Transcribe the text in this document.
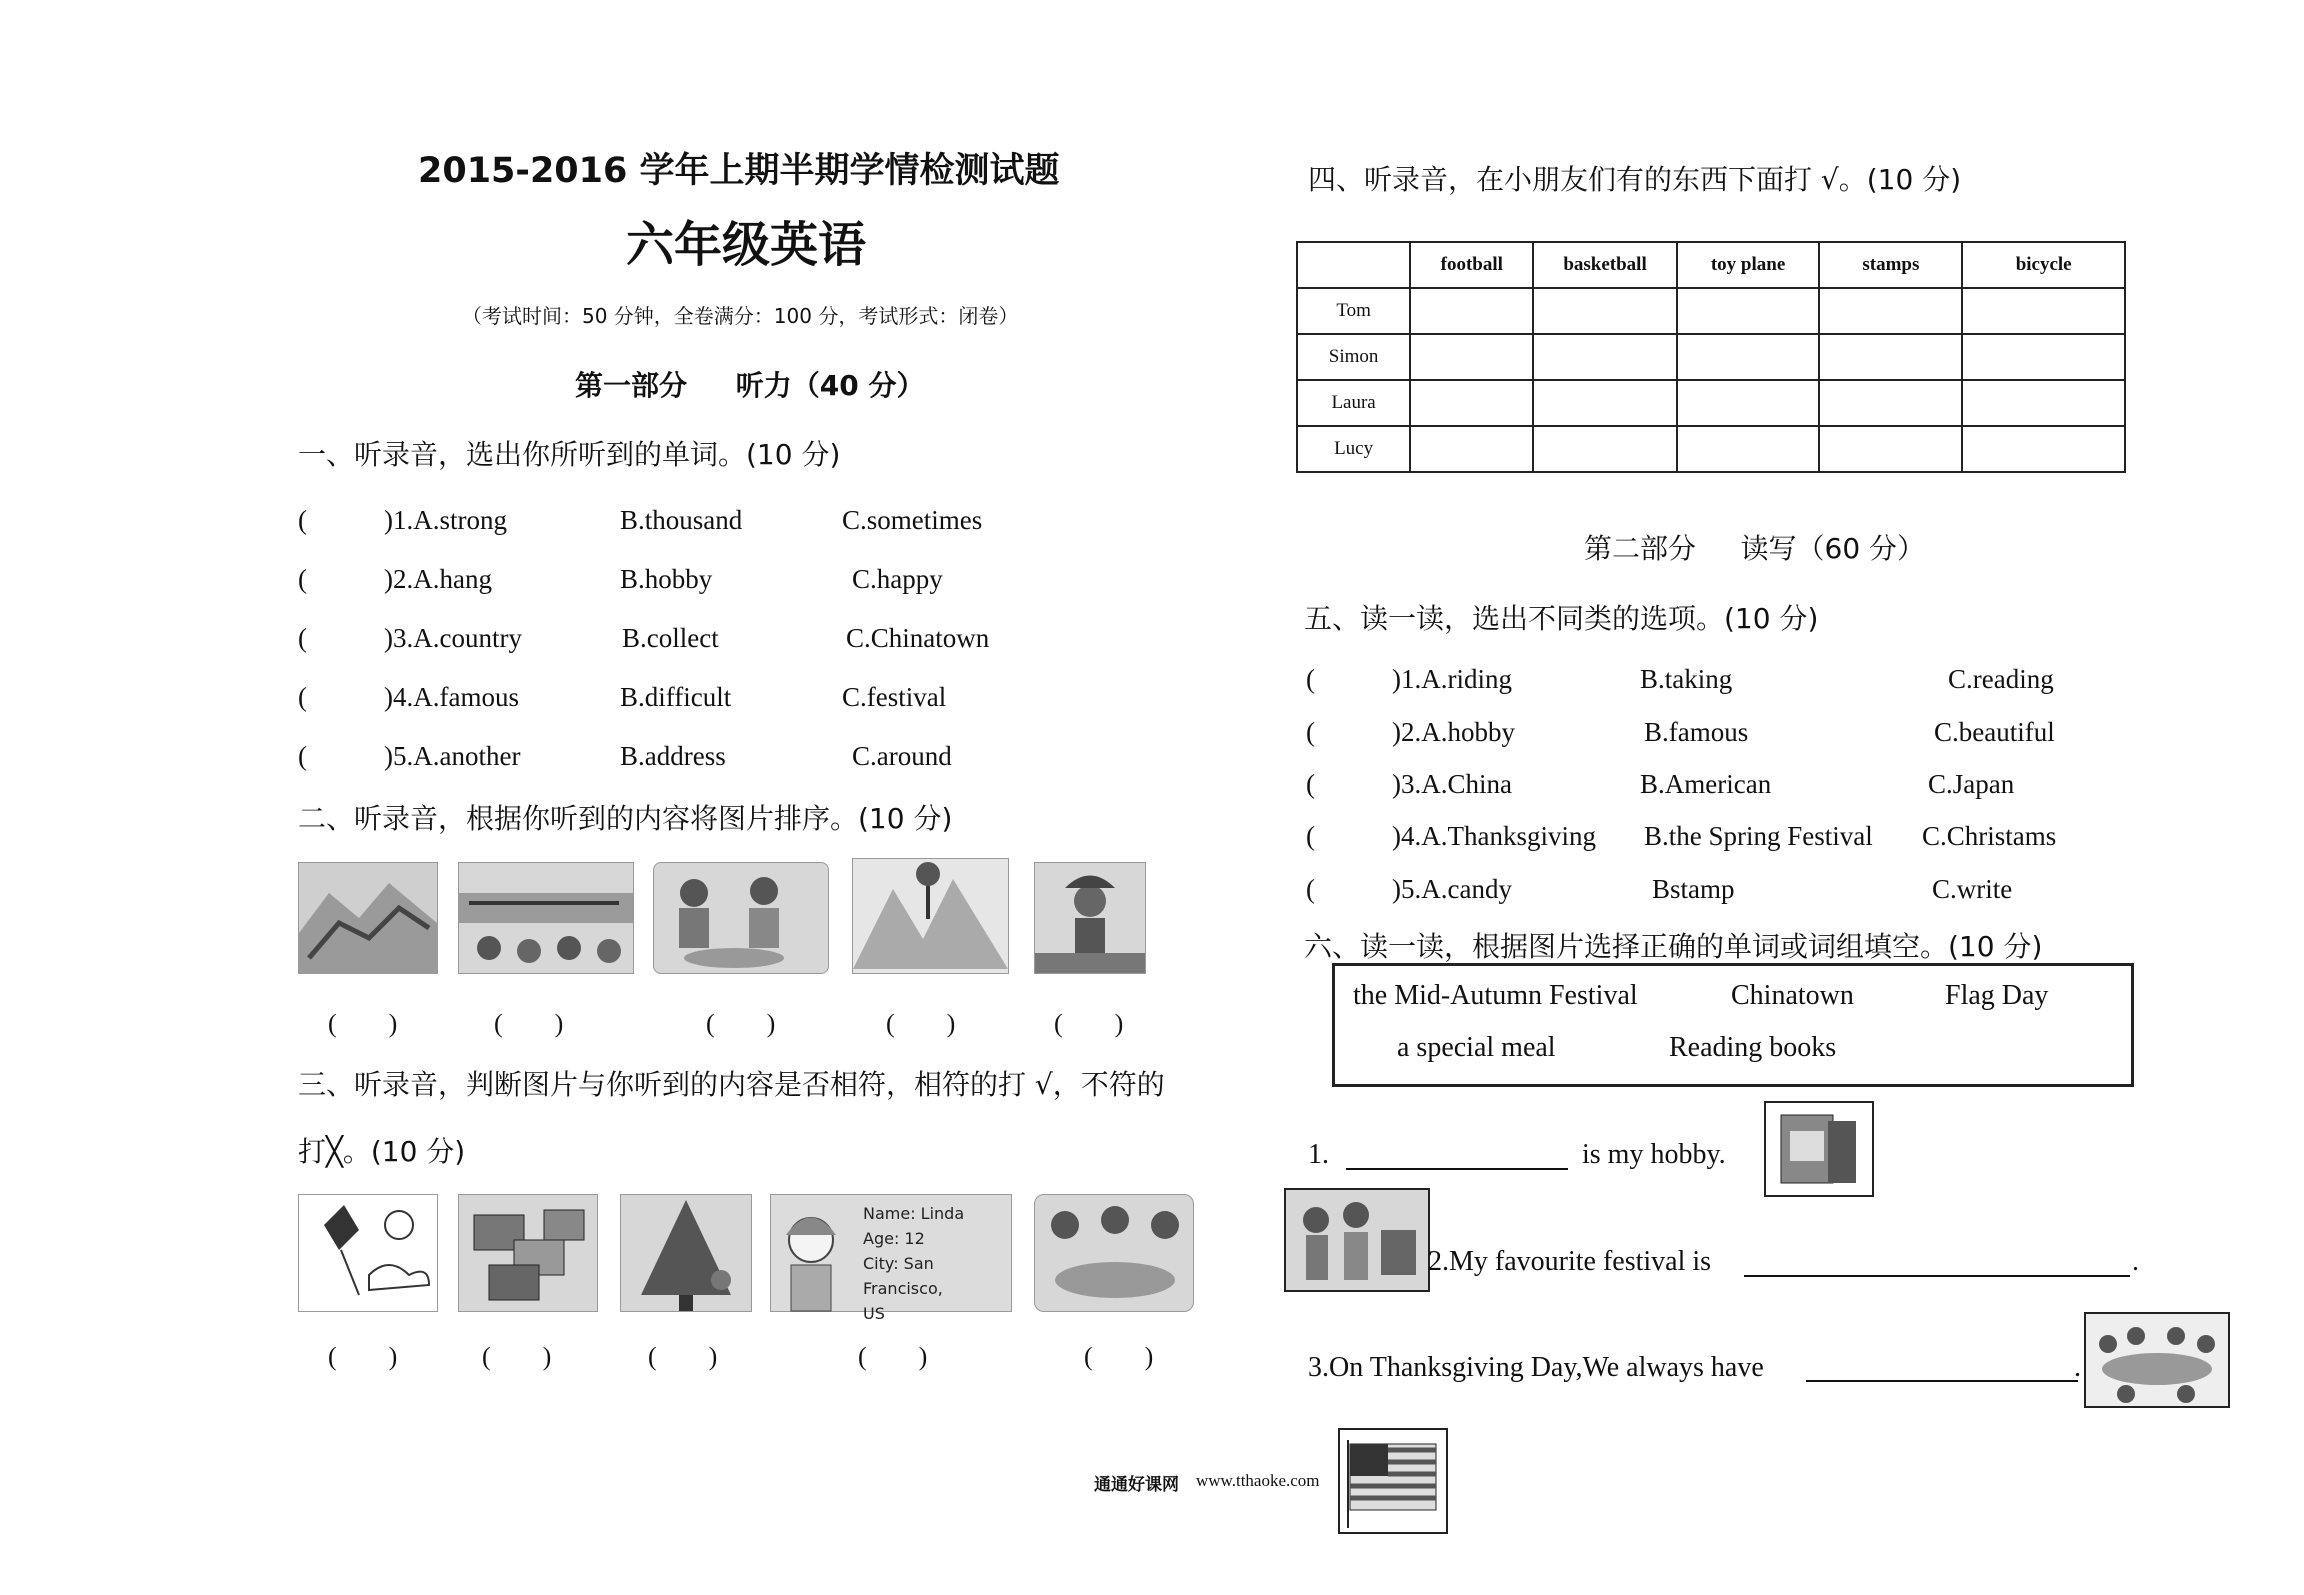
2015-2016 学年上期半期学情检测试题
六年级英语
（考试时间：50 分钟，全卷满分：100 分，考试形式：闭卷）
第一部分     听力（40 分）
一、听录音，选出你所听到的单词。(10 分)
(	)1.A.strong	B.thousand	C.sometimes
(	)2.A.hang	B.hobby	C.happy
(	)3.A.country	B.collect	C.Chinatown
(	)4.A.famous	B.difficult	C.festival
(	)5.A.another	B.address	C.around
二、听录音，根据你听到的内容将图片排序。(10 分)
(        )	(        )	(        )	(        )	(        )
三、听录音，判断图片与你听到的内容是否相符，相符的打 √，不符的
打╳。(10 分)
Name: Linda
Age: 12
City: San Francisco,
US
(        )	(        )	(        )	(        )	(        )
通通好课网 www.tthaoke.com
四、听录音，在小朋友们有的东西下面打 √。(10 分)
	football	basketball	toy plane	stamps	bicycle
Tom					
Simon					
Laura					
Lucy					
第二部分     读写（60 分）
五、读一读，选出不同类的选项。(10 分)
(	)1.A.riding	B.taking	C.reading
(	)2.A.hobby	B.famous	C.beautiful
(	)3.A.China	B.American	C.Japan
(	)4.A.Thanksgiving B.the Spring Festival C.Christams
(	)5.A.candy	Bstamp	C.write
六、读一读，根据图片选择正确的单词或词组填空。(10 分)
the Mid-Autumn Festival	Chinatown	Flag Day
a special meal	Reading books
1.	is my hobby.
2.My favourite festival is	.
3.On Thanksgiving Day,We always have	.
